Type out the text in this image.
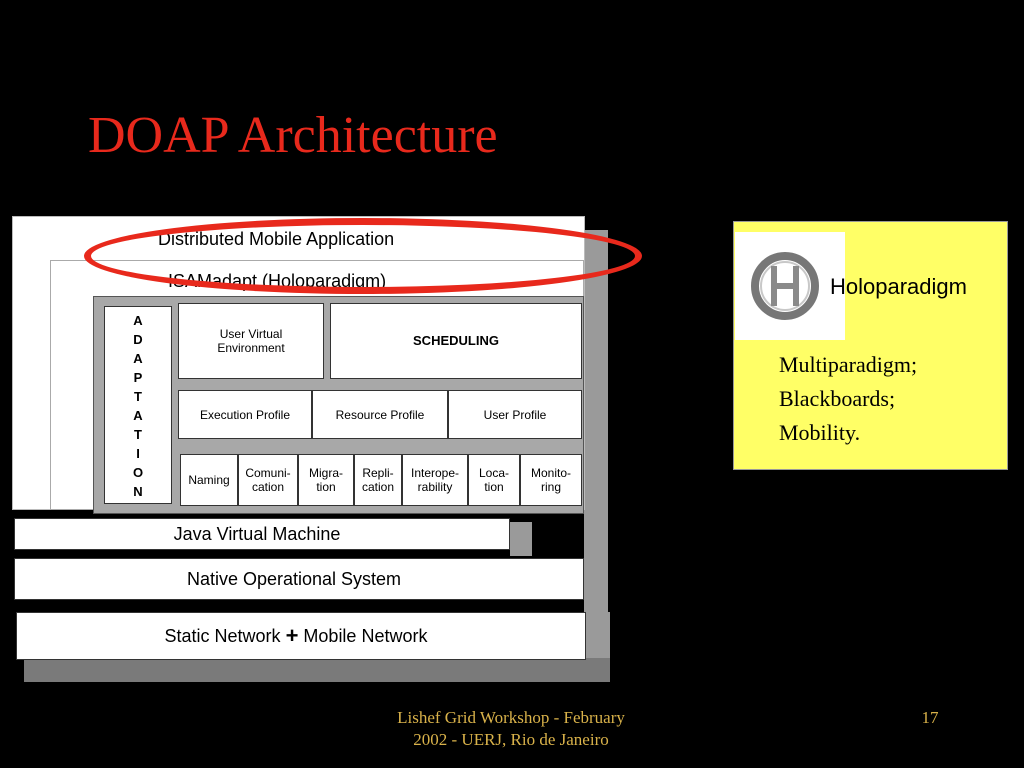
DOAP Architecture
Distributed Mobile Application
ISAMadapt (Holoparadigm)
A
D
A
P
T
A
T
I
O
N
User Virtual Environment	SCHEDULING
Execution Profile	Resource Profile	User Profile
Naming	Comuni- cation
Migra- tion
Repli- cation
Interope- rability
Loca- tion
Monito- ring
Java Virtual Machine
Native Operational System
Static Network + Mobile Network
Holoparadigm
Multiparadigm;
Blackboards;
Mobility.
Lishef Grid Workshop - February
2002 - UERJ, Rio de Janeiro
17
